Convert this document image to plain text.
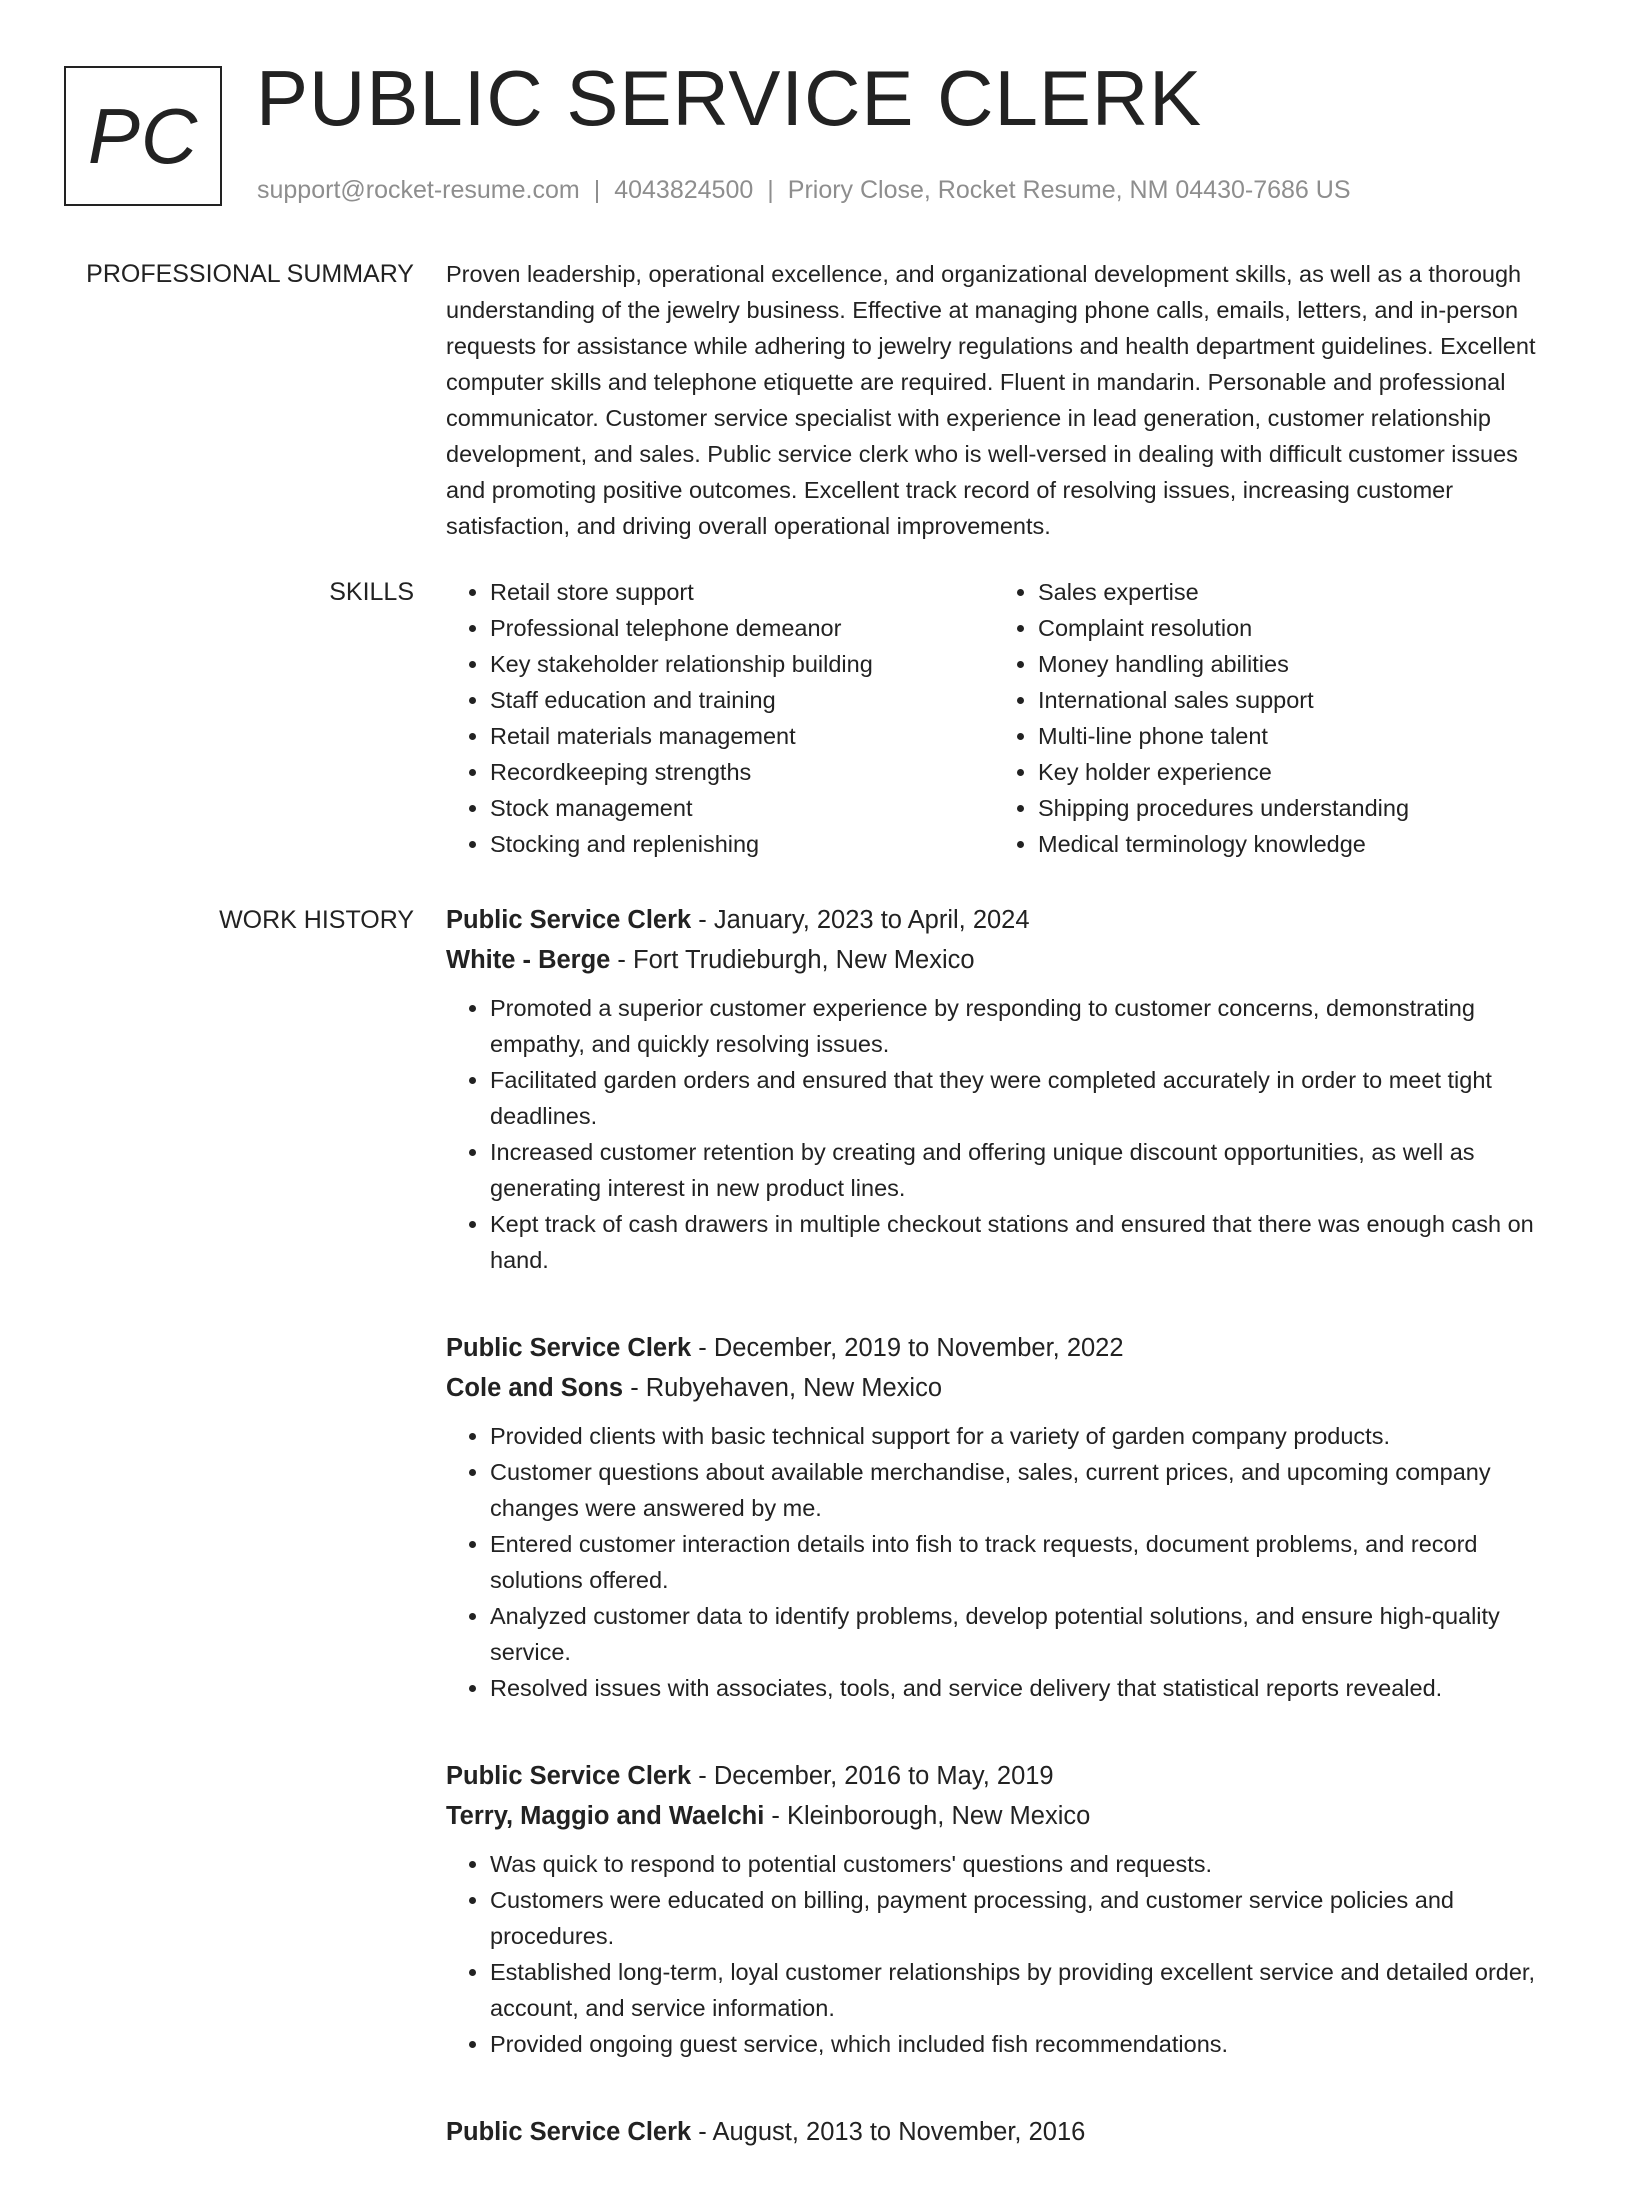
PC PUBLIC SERVICE CLERK
support@rocket-resume.com | 4043824500 | Priory Close, Rocket Resume, NM 04430-7686 US
PROFESSIONAL SUMMARY Proven leadership, operational excellence, and organizational development skills, as well as a thorough understanding of the jewelry business. Effective at managing phone calls, emails, letters, and in-person requests for assistance while adhering to jewelry regulations and health department guidelines. Excellent computer skills and telephone etiquette are required. Fluent in mandarin. Personable and professional communicator. Customer service specialist with experience in lead generation, customer relationship development, and sales. Public service clerk who is well-versed in dealing with difficult customer issues and promoting positive outcomes. Excellent track record of resolving issues, increasing customer satisfaction, and driving overall operational improvements.

SKILLS
•	Retail store support
• Professional telephone demeanor
• Key stakeholder relationship building
• Staff education and training
• Retail materials management
• Recordkeeping strengths
• Stock management
• Stocking and replenishing
• Sales expertise
• Complaint resolution
• Money handling abilities
• International sales support
• Multi-line phone talent
• Key holder experience
• Shipping procedures understanding
• Medical terminology knowledge
WORK HISTORY Public Service Clerk - January, 2023 to April, 2024
White - Berge - Fort Trudieburgh, New Mexico
• Promoted a superior customer experience by responding to customer concerns, demonstrating empathy, and quickly resolving issues.
• Facilitated garden orders and ensured that they were completed accurately in order to meet tight deadlines.
• Increased customer retention by creating and offering unique discount opportunities, as well as generating interest in new product lines.
• Kept track of cash drawers in multiple checkout stations and ensured that there was enough cash on hand.
Public Service Clerk - December, 2019 to November, 2022
Cole and Sons - Rubyehaven, New Mexico
• Provided clients with basic technical support for a variety of garden company products.
• Customer questions about available merchandise, sales, current prices, and upcoming company changes were answered by me.
• Entered customer interaction details into fish to track requests, document problems, and record solutions offered.
• Analyzed customer data to identify problems, develop potential solutions, and ensure high-quality service.
• Resolved issues with associates, tools, and service delivery that statistical reports revealed.
Public Service Clerk - December, 2016 to May, 2019
Terry, Maggio and Waelchi - Kleinborough, New Mexico
• Was quick to respond to potential customers' questions and requests.
• Customers were educated on billing, payment processing, and customer service policies and procedures.
• Established long-term, loyal customer relationships by providing excellent service and detailed order, account, and service information.
• Provided ongoing guest service, which included fish recommendations.
Public Service Clerk - August, 2013 to November, 2016
